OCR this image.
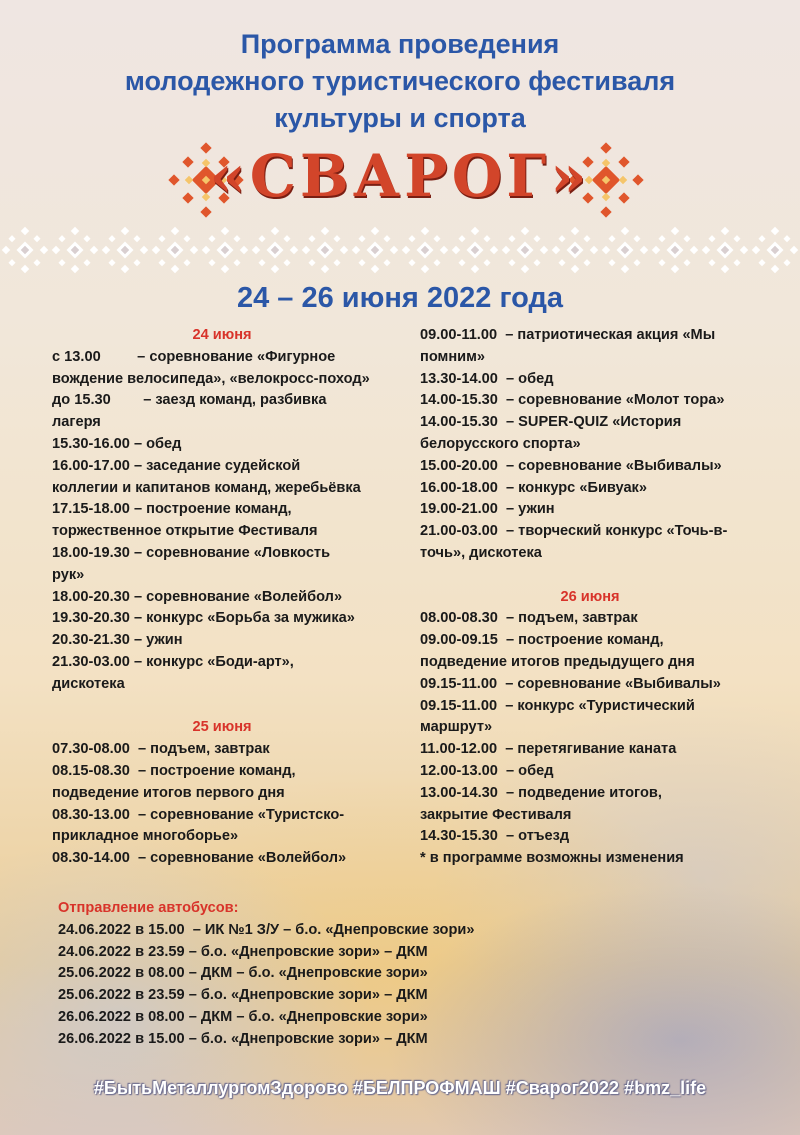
Программа проведения
молодежного туристического фестиваля
культуры и спорта
«СВАРОГ»
24 – 26 июня 2022 года
24 июня
с 13.00         – соревнование «Фигурное
вождение велосипеда», «велокросс-поход»
до 15.30        – заезд команд, разбивка
лагеря
15.30-16.00 – обед
16.00-17.00 – заседание судейской
коллегии и капитанов команд, жеребьёвка
17.15-18.00 – построение команд,
торжественное открытие Фестиваля
18.00-19.30 – соревнование «Ловкость
рук»
18.00-20.30 – соревнование «Волейбол»
19.30-20.30 – конкурс «Борьба за мужика»
20.30-21.30 – ужин
21.30-03.00 – конкурс «Боди-арт»,
дискотека
25 июня
07.30-08.00  – подъем, завтрак
08.15-08.30  – построение команд,
подведение итогов первого дня
08.30-13.00  – соревнование «Туристско-
прикладное многоборье»
08.30-14.00  – соревнование «Волейбол»
09.00-11.00  – патриотическая акция «Мы
помним»
13.30-14.00  – обед
14.00-15.30  – соревнование «Молот тора»
14.00-15.30  – SUPER-QUIZ «История
белорусского спорта»
15.00-20.00  – соревнование «Выбивалы»
16.00-18.00  – конкурс «Бивуак»
19.00-21.00  – ужин
21.00-03.00  – творческий конкурс «Точь-в-
точь», дискотека
26 июня
08.00-08.30  – подъем, завтрак
09.00-09.15  – построение команд,
подведение итогов предыдущего дня
09.15-11.00  – соревнование «Выбивалы»
09.15-11.00  – конкурс «Туристический
маршрут»
11.00-12.00  – перетягивание каната
12.00-13.00  – обед
13.00-14.30  – подведение итогов,
закрытие Фестиваля
14.30-15.30  – отъезд
* в программе возможны изменения
Отправление автобусов:
24.06.2022 в 15.00  – ИК №1 З/У – б.о. «Днепровские зори»
24.06.2022 в 23.59 – б.о. «Днепровские зори» – ДКМ
25.06.2022 в 08.00 – ДКМ – б.о. «Днепровские зори»
25.06.2022 в 23.59 – б.о. «Днепровские зори» – ДКМ
26.06.2022 в 08.00 – ДКМ – б.о. «Днепровские зори»
26.06.2022 в 15.00 – б.о. «Днепровские зори» – ДКМ
#БытьМеталлургомЗдорово #БЕЛПРОФМАШ #Сварог2022 #bmz_life
